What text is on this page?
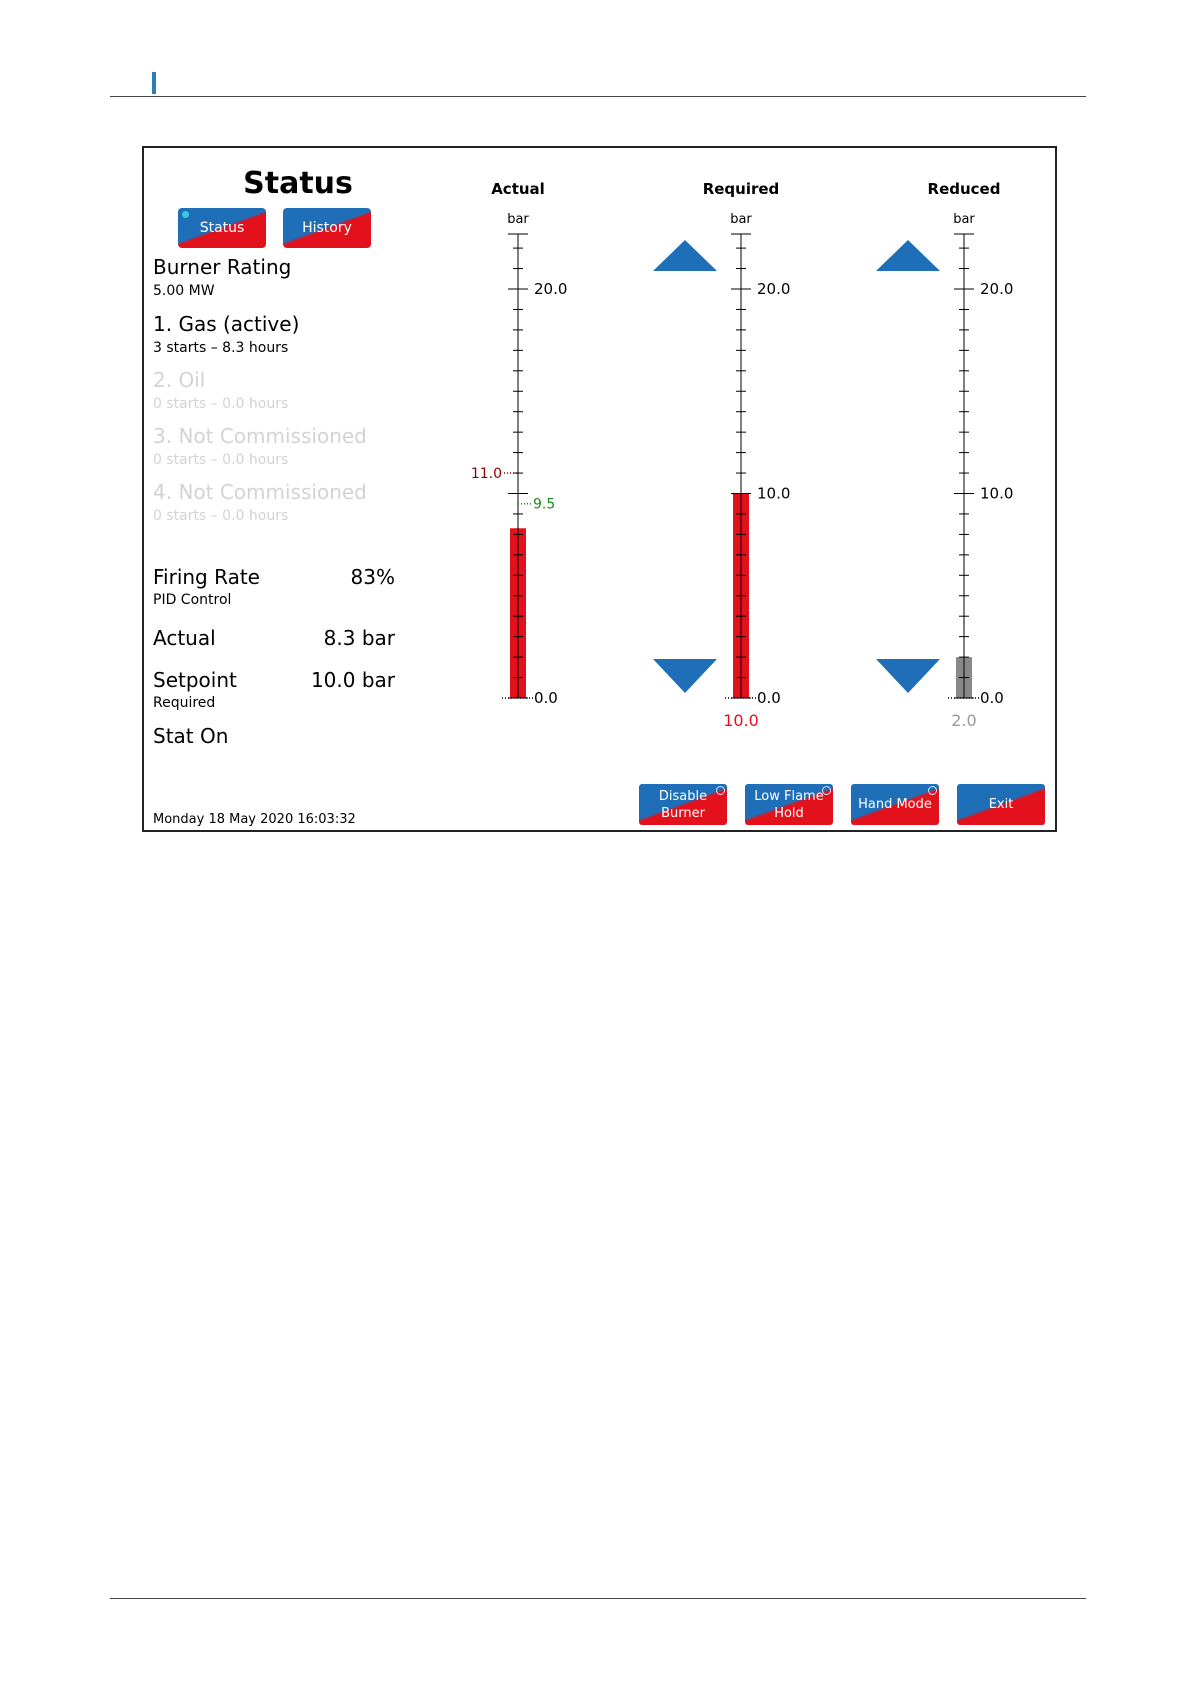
Status
Status	History
Burner Rating
5.00 MW
1. Gas (active)
3 starts – 8.3 hours
2. Oil
0 starts – 0.0 hours
3. Not Commissioned
0 starts – 0.0 hours
4. Not Commissioned
0 starts – 0.0 hours
Firing Rate	83%
PID Control
Actual	8.3 bar
Setpoint	10.0 bar
Required
Stat On
Monday 18 May 2020 16:03:32
Actual
bar
0.0
20.0
11.0
9.5
Required
bar
0.0
10.0
20.0
10.0
Reduced
bar
0.0
10.0
20.0
2.0
Disable
Burner
Low Flame
Hold
Hand Mode	Exit
